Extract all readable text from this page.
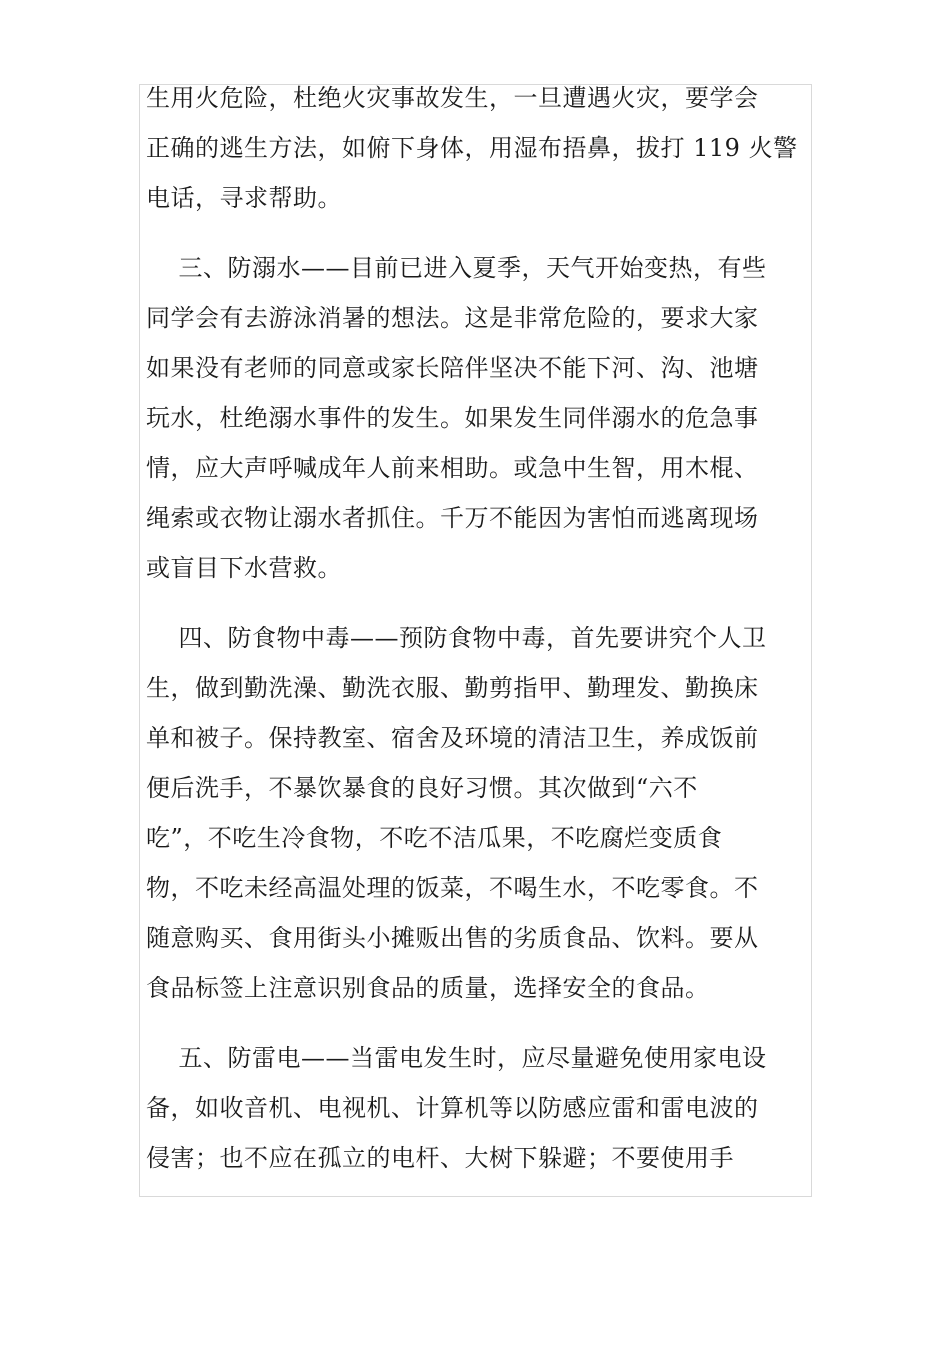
生用火危险，杜绝火灾事故发生，一旦遭遇火灾，要学会
正确的逃生方法，如俯下身体，用湿布捂鼻，拔打 119 火警
电话，寻求帮助。
三、防溺水——目前已进入夏季，天气开始变热，有些
同学会有去游泳消暑的想法。这是非常危险的，要求大家
如果没有老师的同意或家长陪伴坚决不能下河、沟、池塘
玩水，杜绝溺水事件的发生。如果发生同伴溺水的危急事
情，应大声呼喊成年人前来相助。或急中生智，用木棍、
绳索或衣物让溺水者抓住。千万不能因为害怕而逃离现场
或盲目下水营救。
四、防食物中毒——预防食物中毒，首先要讲究个人卫
生，做到勤洗澡、勤洗衣服、勤剪指甲、勤理发、勤换床
单和被子。保持教室、宿舍及环境的清洁卫生，养成饭前
便后洗手，不暴饮暴食的良好习惯。其次做到“六不
吃”，不吃生冷食物，不吃不洁瓜果，不吃腐烂变质食
物，不吃未经高温处理的饭菜，不喝生水，不吃零食。不
随意购买、食用街头小摊贩出售的劣质食品、饮料。要从
食品标签上注意识别食品的质量，选择安全的食品。
五、防雷电——当雷电发生时，应尽量避免使用家电设
备，如收音机、电视机、计算机等以防感应雷和雷电波的
侵害；也不应在孤立的电杆、大树下躲避；不要使用手
